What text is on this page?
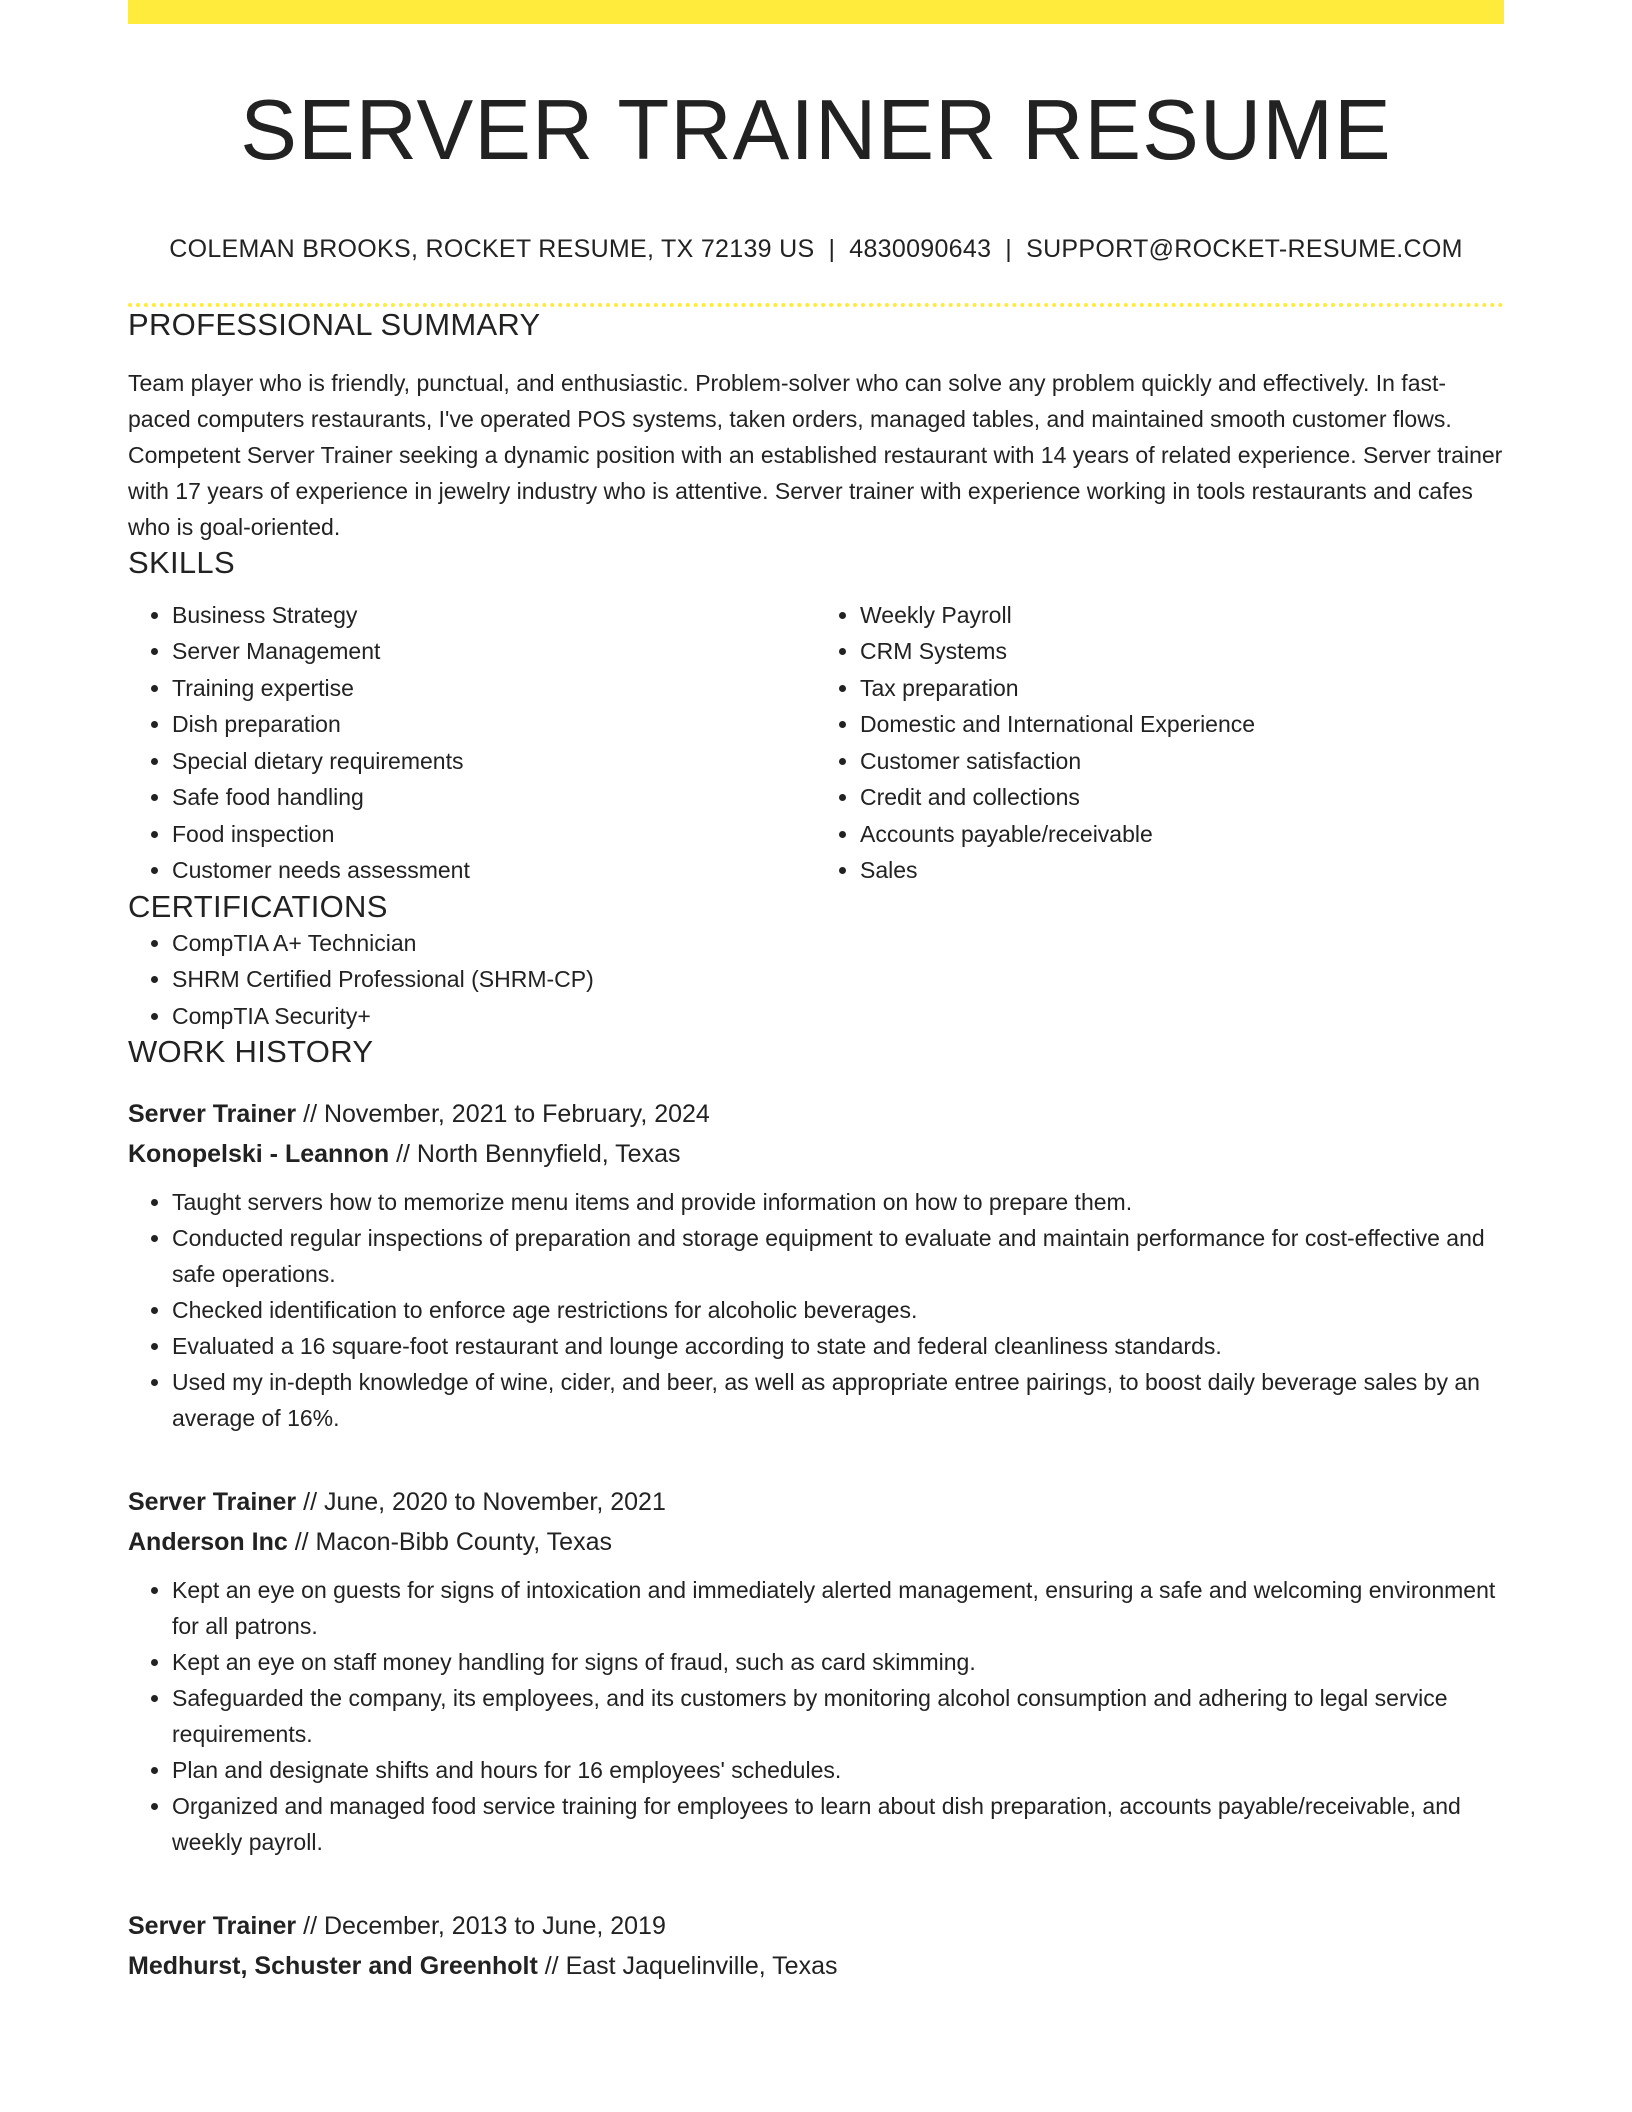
SERVER TRAINER RESUME
COLEMAN BROOKS, ROCKET RESUME, TX 72139 US | 4830090643 | SUPPORT@ROCKET-RESUME.COM
PROFESSIONAL SUMMARY

Team player who is friendly, punctual, and enthusiastic. Problem-solver who can solve any problem quickly and effectively. In fast-paced computers restaurants, I've operated POS systems, taken orders, managed tables, and maintained smooth customer flows. Competent Server Trainer seeking a dynamic position with an established restaurant with 14 years of related experience. Server trainer with 17 years of experience in jewelry industry who is attentive. Server trainer with experience working in tools restaurants and cafes who is goal-oriented.

SKILLS
• Business Strategy
• Server Management
• Training expertise
• Dish preparation
• Special dietary requirements
• Safe food handling
• Food inspection
• Customer needs assessment
• Weekly Payroll
• CRM Systems
• Tax preparation
• Domestic and International Experience
• Customer satisfaction
• Credit and collections
• Accounts payable/receivable
• Sales
CERTIFICATIONS
• CompTIA A+ Technician
• SHRM Certified Professional (SHRM-CP)
• CompTIA Security+
WORK HISTORY
Server Trainer // November, 2021 to February, 2024
Konopelski - Leannon // North Bennyfield, Texas
• Taught servers how to memorize menu items and provide information on how to prepare them.
• Conducted regular inspections of preparation and storage equipment to evaluate and maintain performance for cost-effective and safe operations.
• Checked identification to enforce age restrictions for alcoholic beverages.
• Evaluated a 16 square-foot restaurant and lounge according to state and federal cleanliness standards.
• Used my in-depth knowledge of wine, cider, and beer, as well as appropriate entree pairings, to boost daily beverage sales by an average of 16%.
Server Trainer // June, 2020 to November, 2021
Anderson Inc // Macon-Bibb County, Texas
• Kept an eye on guests for signs of intoxication and immediately alerted management, ensuring a safe and welcoming environment for all patrons.
• Kept an eye on staff money handling for signs of fraud, such as card skimming.
• Safeguarded the company, its employees, and its customers by monitoring alcohol consumption and adhering to legal service requirements.
• Plan and designate shifts and hours for 16 employees' schedules.
• Organized and managed food service training for employees to learn about dish preparation, accounts payable/receivable, and weekly payroll.
Server Trainer // December, 2013 to June, 2019
Medhurst, Schuster and Greenholt // East Jaquelinville, Texas
